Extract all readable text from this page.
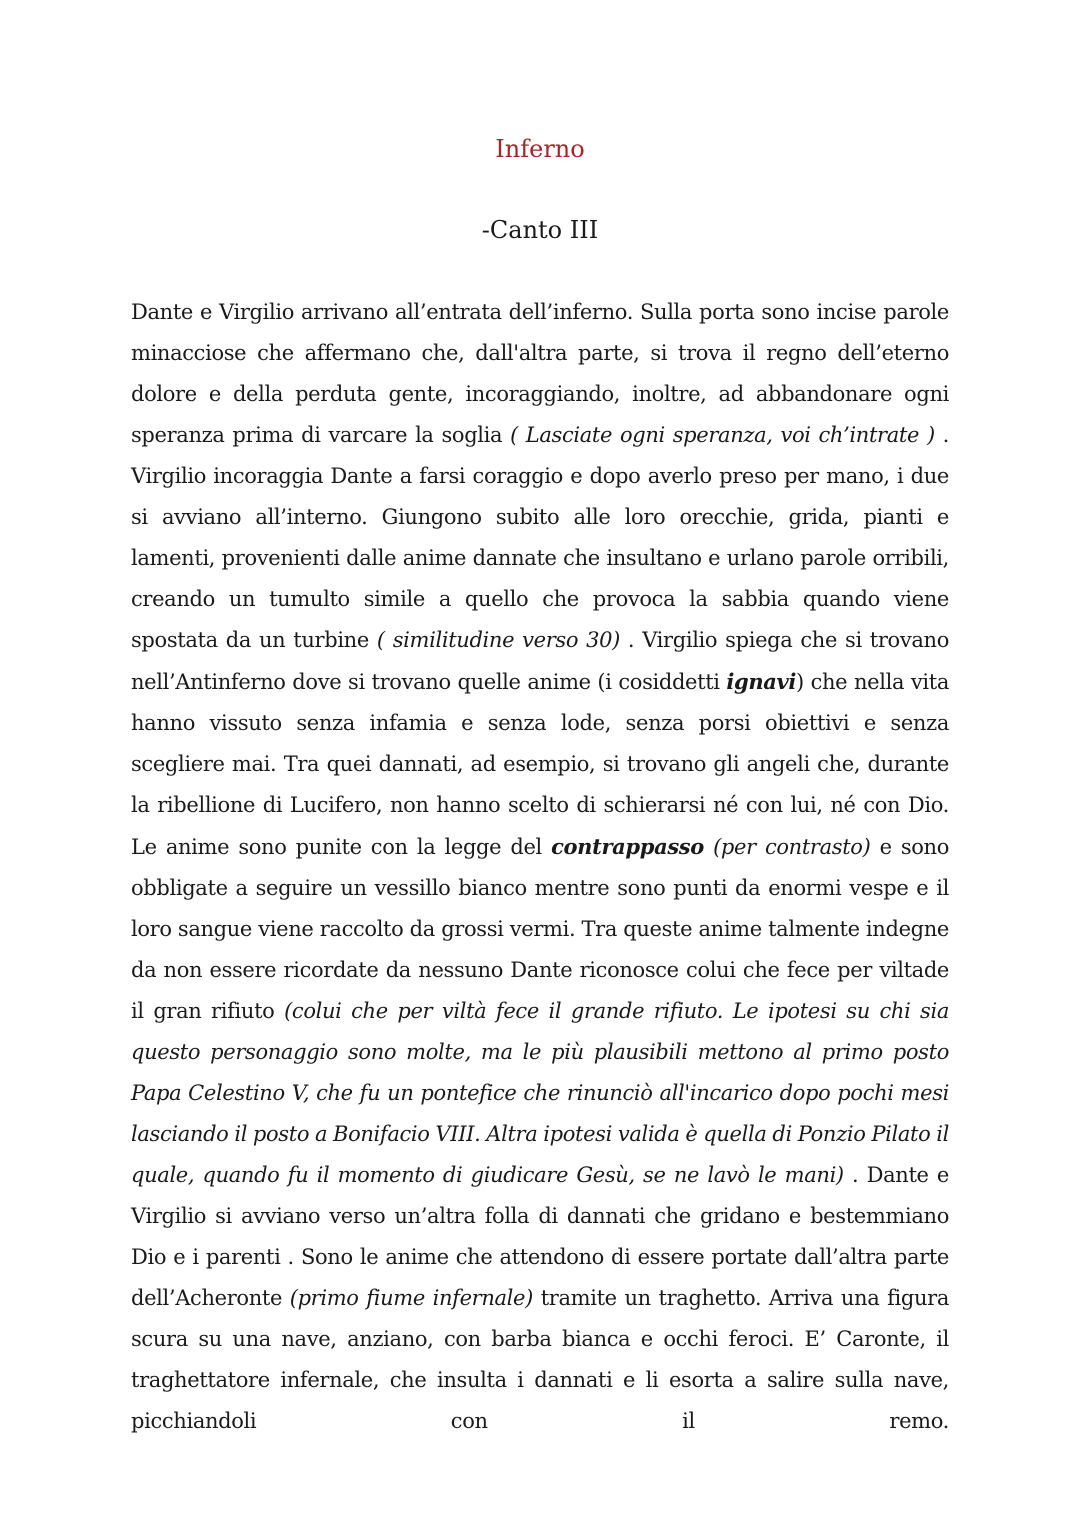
Inferno
-Canto III
Dante e Virgilio arrivano all’entrata dell’inferno. Sulla porta sono incise parole minacciose che affermano che, dall'altra parte, si trova il regno dell’eterno dolore e della perduta gente, incoraggiando, inoltre, ad abbandonare ogni speranza prima di varcare la soglia ( Lasciate ogni speranza, voi ch’intrate ) . Virgilio incoraggia Dante a farsi coraggio e dopo averlo preso per mano, i due si avviano all’interno. Giungono subito alle loro orecchie, grida, pianti e lamenti, provenienti dalle anime dannate che insultano e urlano parole orribili, creando un tumulto simile a quello che provoca la sabbia quando viene spostata da un turbine ( similitudine verso 30) . Virgilio spiega che si trovano nell’Antinferno dove si trovano quelle anime (i cosiddetti ignavi) che nella vita hanno vissuto senza infamia e senza lode, senza porsi obiettivi e senza scegliere mai. Tra quei dannati, ad esempio, si trovano gli angeli che, durante la ribellione di Lucifero, non hanno scelto di schierarsi né con lui, né con Dio. Le anime sono punite con la legge del contrappasso (per contrasto) e sono obbligate a seguire un vessillo bianco mentre sono punti da enormi vespe e il loro sangue viene raccolto da grossi vermi. Tra queste anime talmente indegne da non essere ricordate da nessuno Dante riconosce colui che fece per viltade il gran rifiuto (colui che per viltà fece il grande rifiuto. Le ipotesi su chi sia questo personaggio sono molte, ma le più plausibili mettono al primo posto Papa Celestino V, che fu un pontefice che rinunciò all'incarico dopo pochi mesi lasciando il posto a Bonifacio VIII. Altra ipotesi valida è quella di Ponzio Pilato il quale, quando fu il momento di giudicare Gesù, se ne lavò le mani) . Dante e Virgilio si avviano verso un’altra folla di dannati che gridano e bestemmiano Dio e i parenti . Sono le anime che attendono di essere portate dall’altra parte dell’Acheronte (primo fiume infernale) tramite un traghetto. Arriva una figura scura su una nave, anziano, con barba bianca e occhi feroci. E’ Caronte, il traghettatore infernale, che insulta i dannati e li esorta a salire sulla nave, picchiandoli con il remo.
